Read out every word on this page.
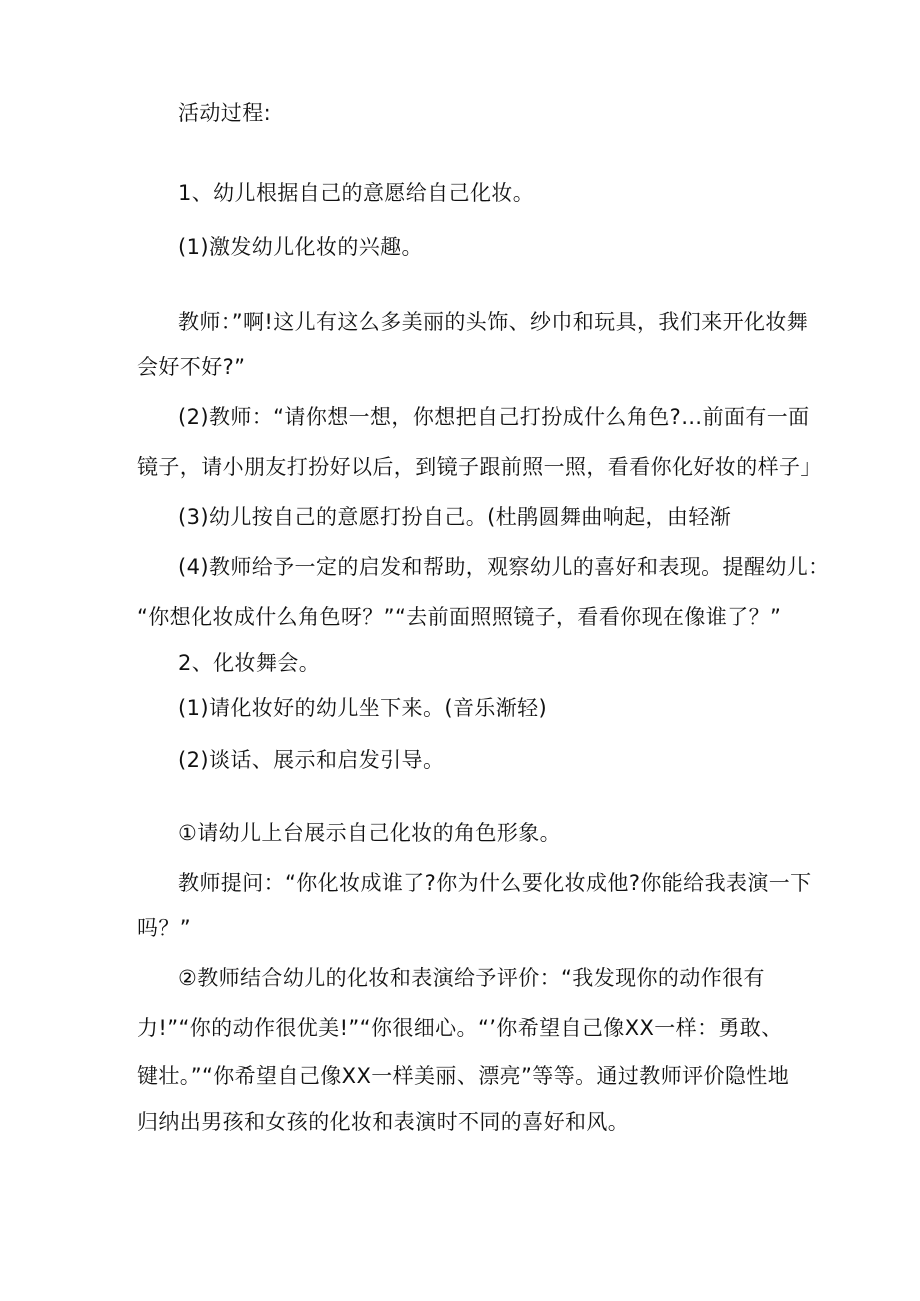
活动过程:
1、幼儿根据自己的意愿给自己化妆。
(1)激发幼儿化妆的兴趣。
教师：”啊!这儿有这么多美丽的头饰、纱巾和玩具，我们来开化妆舞
会好不好?”
(2)教师：“请你想一想，你想把自己打扮成什么角色?…前面有一面
镜子，请小朋友打扮好以后，到镜子跟前照一照，看看你化好妆的样子」
(3)幼儿按自己的意愿打扮自己。(杜鹃圆舞曲响起，由轻渐
(4)教师给予一定的启发和帮助，观察幼儿的喜好和表现。提醒幼儿：
“你想化妆成什么角色呀？”“去前面照照镜子，看看你现在像谁了？”
2、化妆舞会。
(1)请化妆好的幼儿坐下来。(音乐渐轻)
(2)谈话、展示和启发引导。
①请幼儿上台展示自己化妆的角色形象。
教师提问：“你化妆成谁了?你为什么要化妆成他?你能给我表演一下
吗？”
②教师结合幼儿的化妆和表演给予评价：“我发现你的动作很有
力!”“你的动作很优美!”“你很细心。“’你希望自己像XX一样：勇敢、
键壮。”“你希望自己像XX一样美丽、漂亮”等等。通过教师评价隐性地
归纳出男孩和女孩的化妆和表演时不同的喜好和风。
